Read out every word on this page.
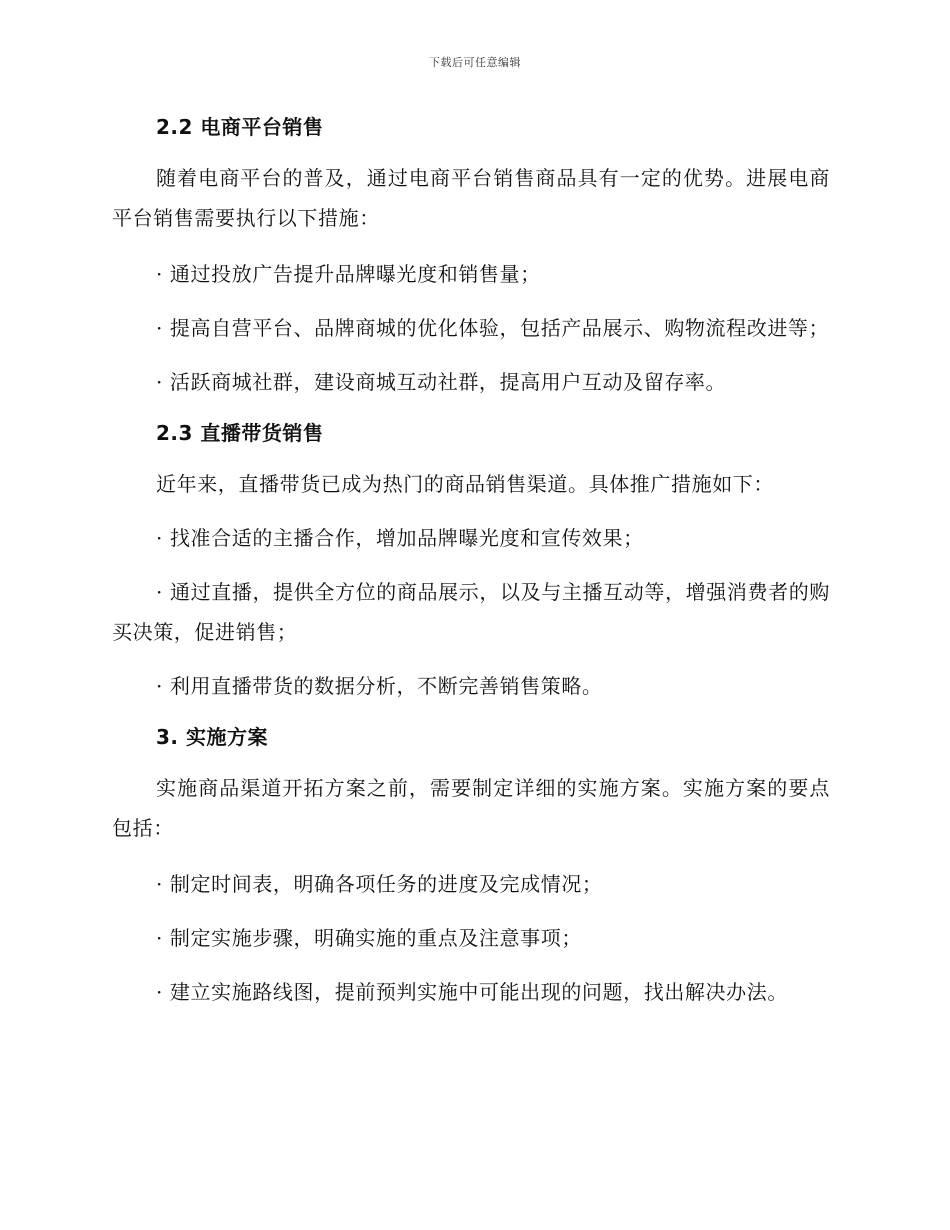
下载后可任意编辑
2.2 电商平台销售

随着电商平台的普及，通过电商平台销售商品具有一定的优势。进展电商平台销售需要执行以下措施：

· 通过投放广告提升品牌曝光度和销售量；

· 提高自营平台、品牌商城的优化体验，包括产品展示、购物流程改进等；

· 活跃商城社群，建设商城互动社群，提高用户互动及留存率。

2.3 直播带货销售

近年来，直播带货已成为热门的商品销售渠道。具体推广措施如下：

· 找准合适的主播合作，增加品牌曝光度和宣传效果；

· 通过直播，提供全方位的商品展示，以及与主播互动等，增强消费者的购买决策，促进销售；

· 利用直播带货的数据分析，不断完善销售策略。

3. 实施方案

实施商品渠道开拓方案之前，需要制定详细的实施方案。实施方案的要点包括：

· 制定时间表，明确各项任务的进度及完成情况；

· 制定实施步骤，明确实施的重点及注意事项；

· 建立实施路线图，提前预判实施中可能出现的问题，找出解决办法。
